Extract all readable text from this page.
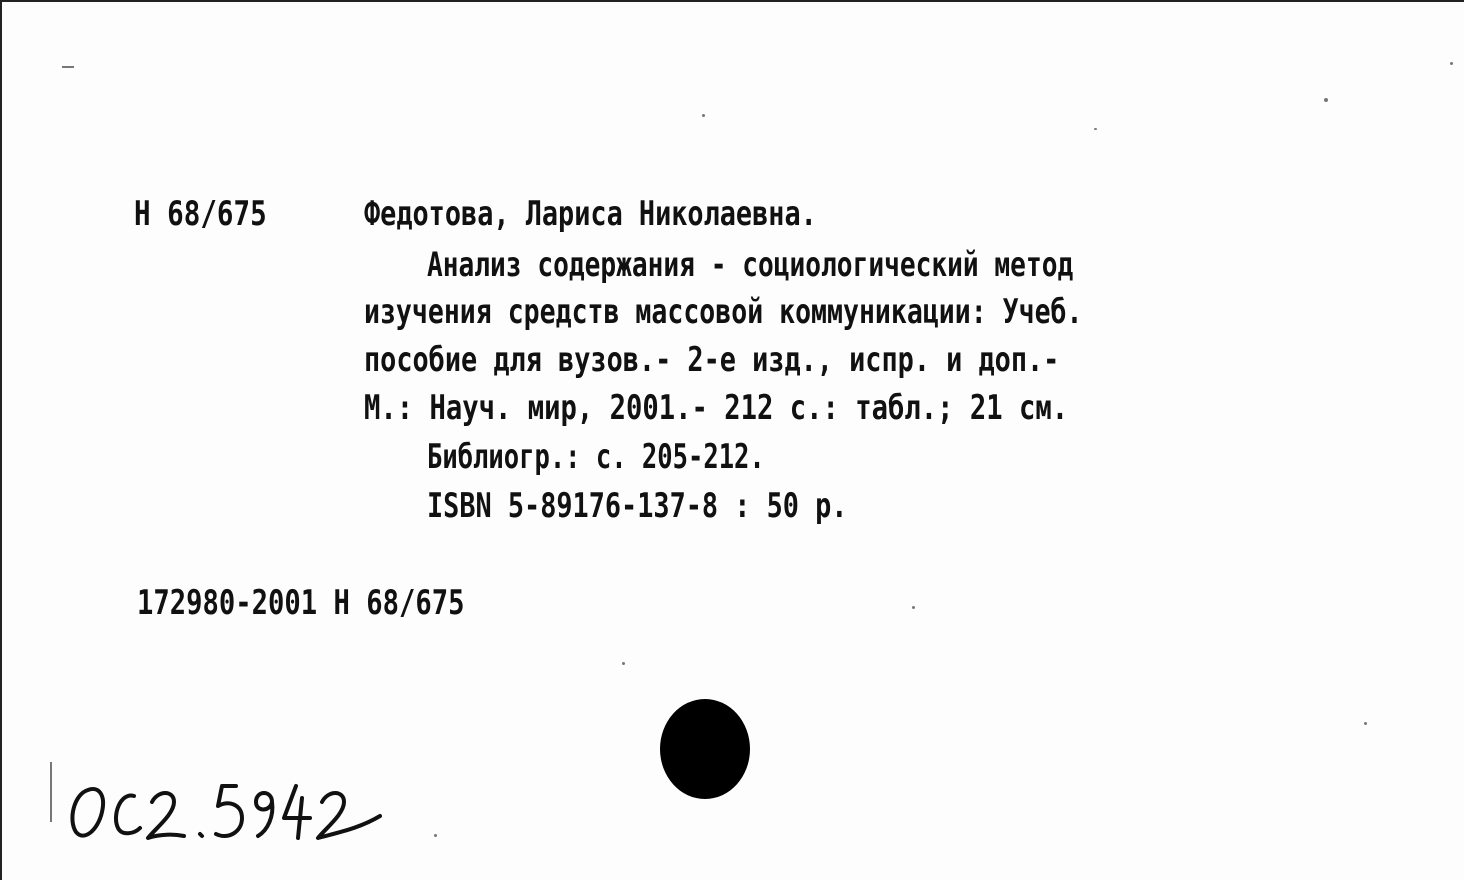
Н 68/675	Федотова, Лариса Николаевна.
Анализ содержания - социологический метод
изучения средств массовой коммуникации: Учеб.
пособие для вузов.- 2-е изд., испр. и доп.-
М.: Науч. мир, 2001.- 212 с.: табл.; 21 см.
Библиогр.: с. 205-212.
ISBN 5-89176-137-8 : 50 р.
172980-2001 Н 68/675
